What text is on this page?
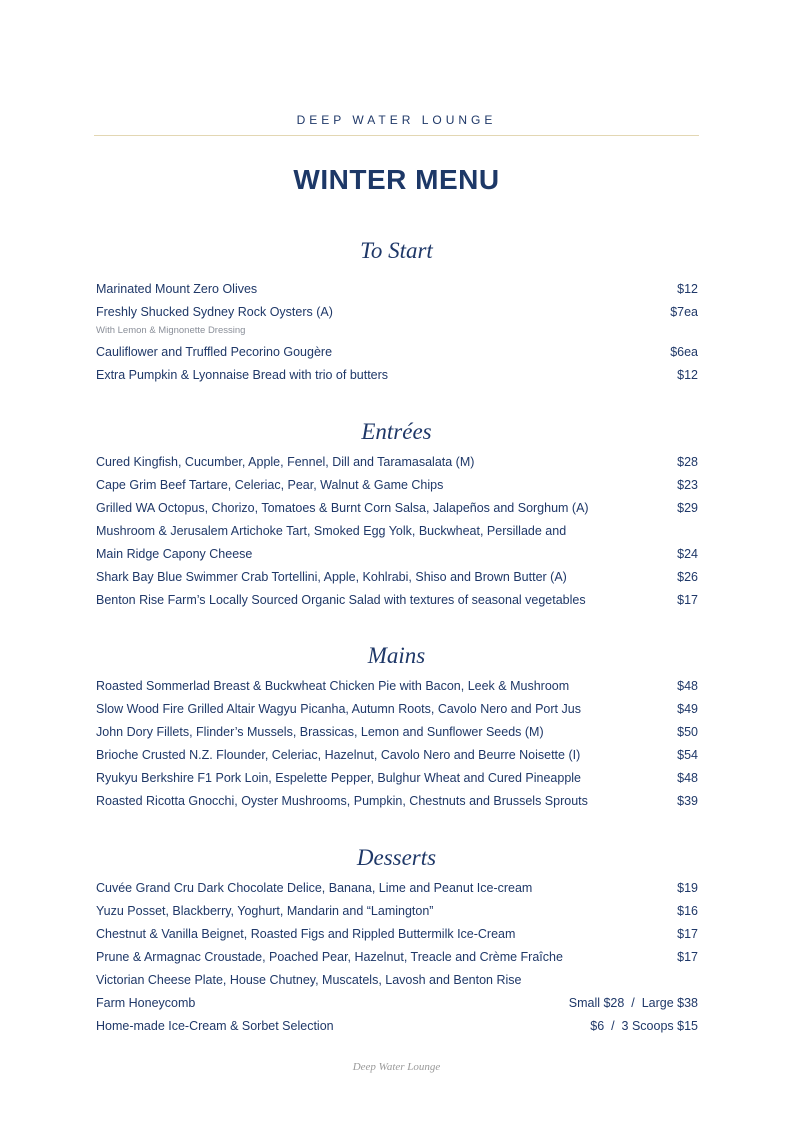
DEEP WATER LOUNGE
WINTER MENU
To Start
Marinated Mount Zero Olives	$12
Freshly Shucked Sydney Rock Oysters (A)	$7ea
With Lemon & Mignonette Dressing
Cauliflower and Truffled Pecorino Gougère	$6ea
Extra Pumpkin & Lyonnaise Bread with trio of butters	$12
Entrées
Cured Kingfish, Cucumber, Apple, Fennel, Dill and Taramasalata (M)	$28
Cape Grim Beef Tartare, Celeriac, Pear, Walnut & Game Chips	$23
Grilled WA Octopus, Chorizo, Tomatoes & Burnt Corn Salsa, Jalapeños and Sorghum (A)	$29
Mushroom & Jerusalem Artichoke Tart, Smoked Egg Yolk, Buckwheat, Persillade and
Main Ridge Capony Cheese	$24
Shark Bay Blue Swimmer Crab Tortellini, Apple, Kohlrabi, Shiso and Brown Butter (A)	$26
Benton Rise Farm’s Locally Sourced Organic Salad with textures of seasonal vegetables	$17
Mains
Roasted Sommerlad Breast & Buckwheat Chicken Pie with Bacon, Leek & Mushroom	$48
Slow Wood Fire Grilled Altair Wagyu Picanha, Autumn Roots, Cavolo Nero and Port Jus	$49
John Dory Fillets, Flinder’s Mussels, Brassicas, Lemon and Sunflower Seeds (M)	$50
Brioche Crusted N.Z. Flounder, Celeriac, Hazelnut, Cavolo Nero and Beurre Noisette (I)	$54
Ryukyu Berkshire F1 Pork Loin, Espelette Pepper, Bulghur Wheat and Cured Pineapple	$48
Roasted Ricotta Gnocchi, Oyster Mushrooms, Pumpkin, Chestnuts and Brussels Sprouts	$39
Desserts
Cuvée Grand Cru Dark Chocolate Delice, Banana, Lime and Peanut Ice-cream	$19
Yuzu Posset, Blackberry, Yoghurt, Mandarin and “Lamington”	$16
Chestnut & Vanilla Beignet, Roasted Figs and Rippled Buttermilk Ice-Cream	$17
Prune & Armagnac Croustade, Poached Pear, Hazelnut, Treacle and Crème Fraîche	$17
Victorian Cheese Plate, House Chutney, Muscatels, Lavosh and Benton Rise
Farm Honeycomb	Small $28  /  Large $38
Home-made Ice-Cream & Sorbet Selection	$6  /  3 Scoops $15
Deep Water Lounge
